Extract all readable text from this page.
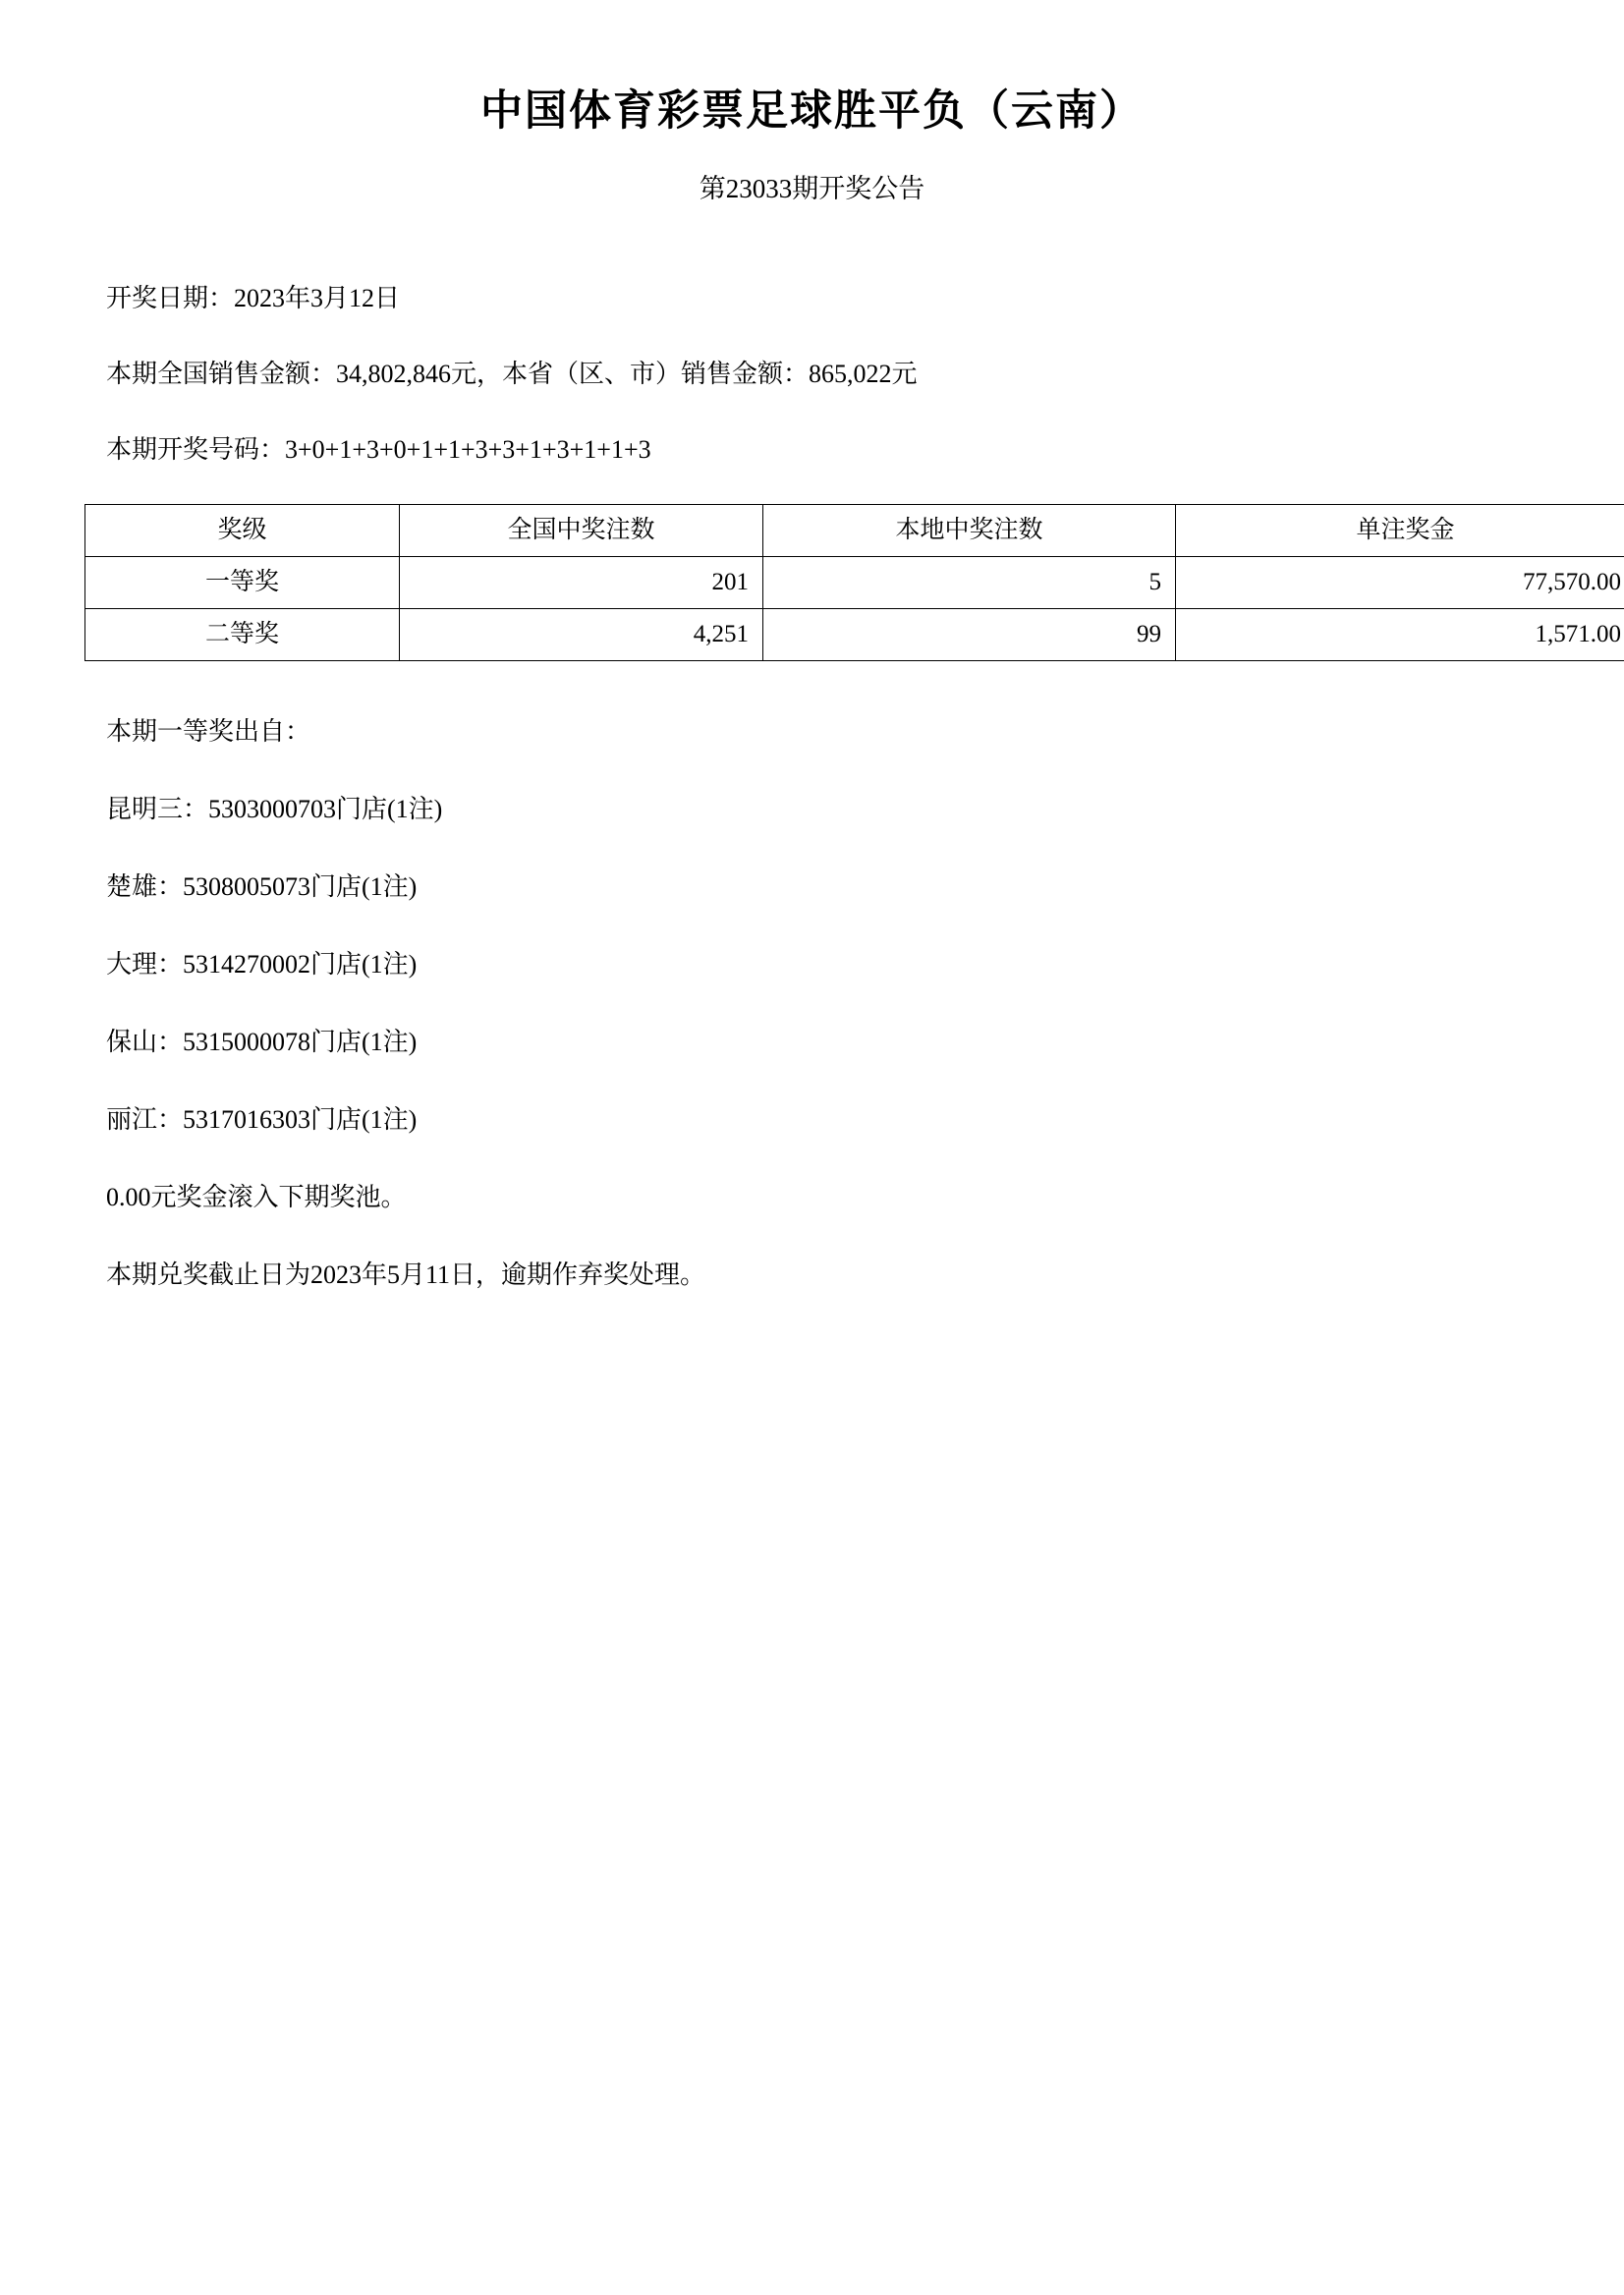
中国体育彩票足球胜平负（云南）
第23033期开奖公告
开奖日期：2023年3月12日
本期全国销售金额：34,802,846元，本省（区、市）销售金额：865,022元
本期开奖号码：3+0+1+3+0+1+1+3+3+1+3+1+1+3
奖级	全国中奖注数	本地中奖注数	单注奖金
一等奖	201	5	77,570.00
二等奖	4,251	99	1,571.00
本期一等奖出自：
昆明三：5303000703门店(1注)
楚雄：5308005073门店(1注)
大理：5314270002门店(1注)
保山：5315000078门店(1注)
丽江：5317016303门店(1注)
0.00元奖金滚入下期奖池。
本期兑奖截止日为2023年5月11日，逾期作弃奖处理。
